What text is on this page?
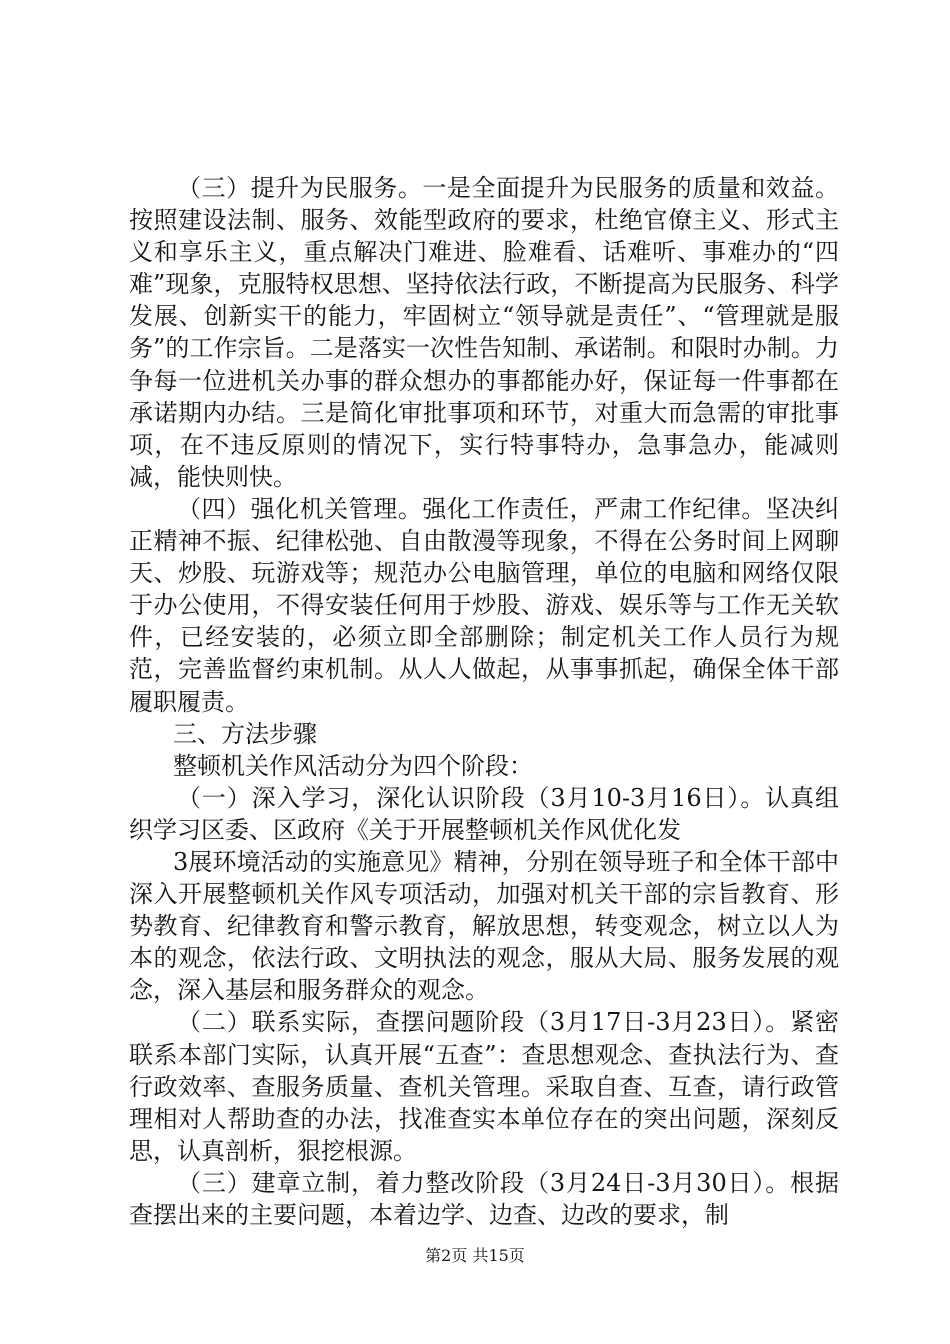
（三）提升为民服务。一是全面提升为民服务的质量和效益。按照建设法制、服务、效能型政府的要求，杜绝官僚主义、形式主义和享乐主义，重点解决门难进、脸难看、话难听、事难办的“四难”现象，克服特权思想、坚持依法行政，不断提高为民服务、科学发展、创新实干的能力，牢固树立“领导就是责任”、“管理就是服务”的工作宗旨。二是落实一次性告知制、承诺制。和限时办制。力争每一位进机关办事的群众想办的事都能办好，保证每一件事都在承诺期内办结。三是简化审批事项和环节，对重大而急需的审批事项，在不违反原则的情况下，实行特事特办，急事急办，能减则减，能快则快。

（四）强化机关管理。强化工作责任，严肃工作纪律。坚决纠正精神不振、纪律松弛、自由散漫等现象，不得在公务时间上网聊天、炒股、玩游戏等；规范办公电脑管理，单位的电脑和网络仅限于办公使用，不得安装任何用于炒股、游戏、娱乐等与工作无关软件，已经安装的，必须立即全部删除；制定机关工作人员行为规范，完善监督约束机制。从人人做起，从事事抓起，确保全体干部履职履责。

三、方法步骤

整顿机关作风活动分为四个阶段：

（一）深入学习，深化认识阶段（3月10-3月16日）。认真组织学习区委、区政府《关于开展整顿机关作风优化发

3展环境活动的实施意见》精神，分别在领导班子和全体干部中深入开展整顿机关作风专项活动，加强对机关干部的宗旨教育、形势教育、纪律教育和警示教育，解放思想，转变观念，树立以人为本的观念，依法行政、文明执法的观念，服从大局、服务发展的观念，深入基层和服务群众的观念。

（二）联系实际，查摆问题阶段（3月17日-3月23日）。紧密联系本部门实际，认真开展“五查”：查思想观念、查执法行为、查行政效率、查服务质量、查机关管理。采取自查、互查，请行政管理相对人帮助查的办法，找准查实本单位存在的突出问题，深刻反思，认真剖析，狠挖根源。

（三）建章立制，着力整改阶段（3月24日-3月30日）。根据查摆出来的主要问题，本着边学、边查、边改的要求，制

第2页 共15页
